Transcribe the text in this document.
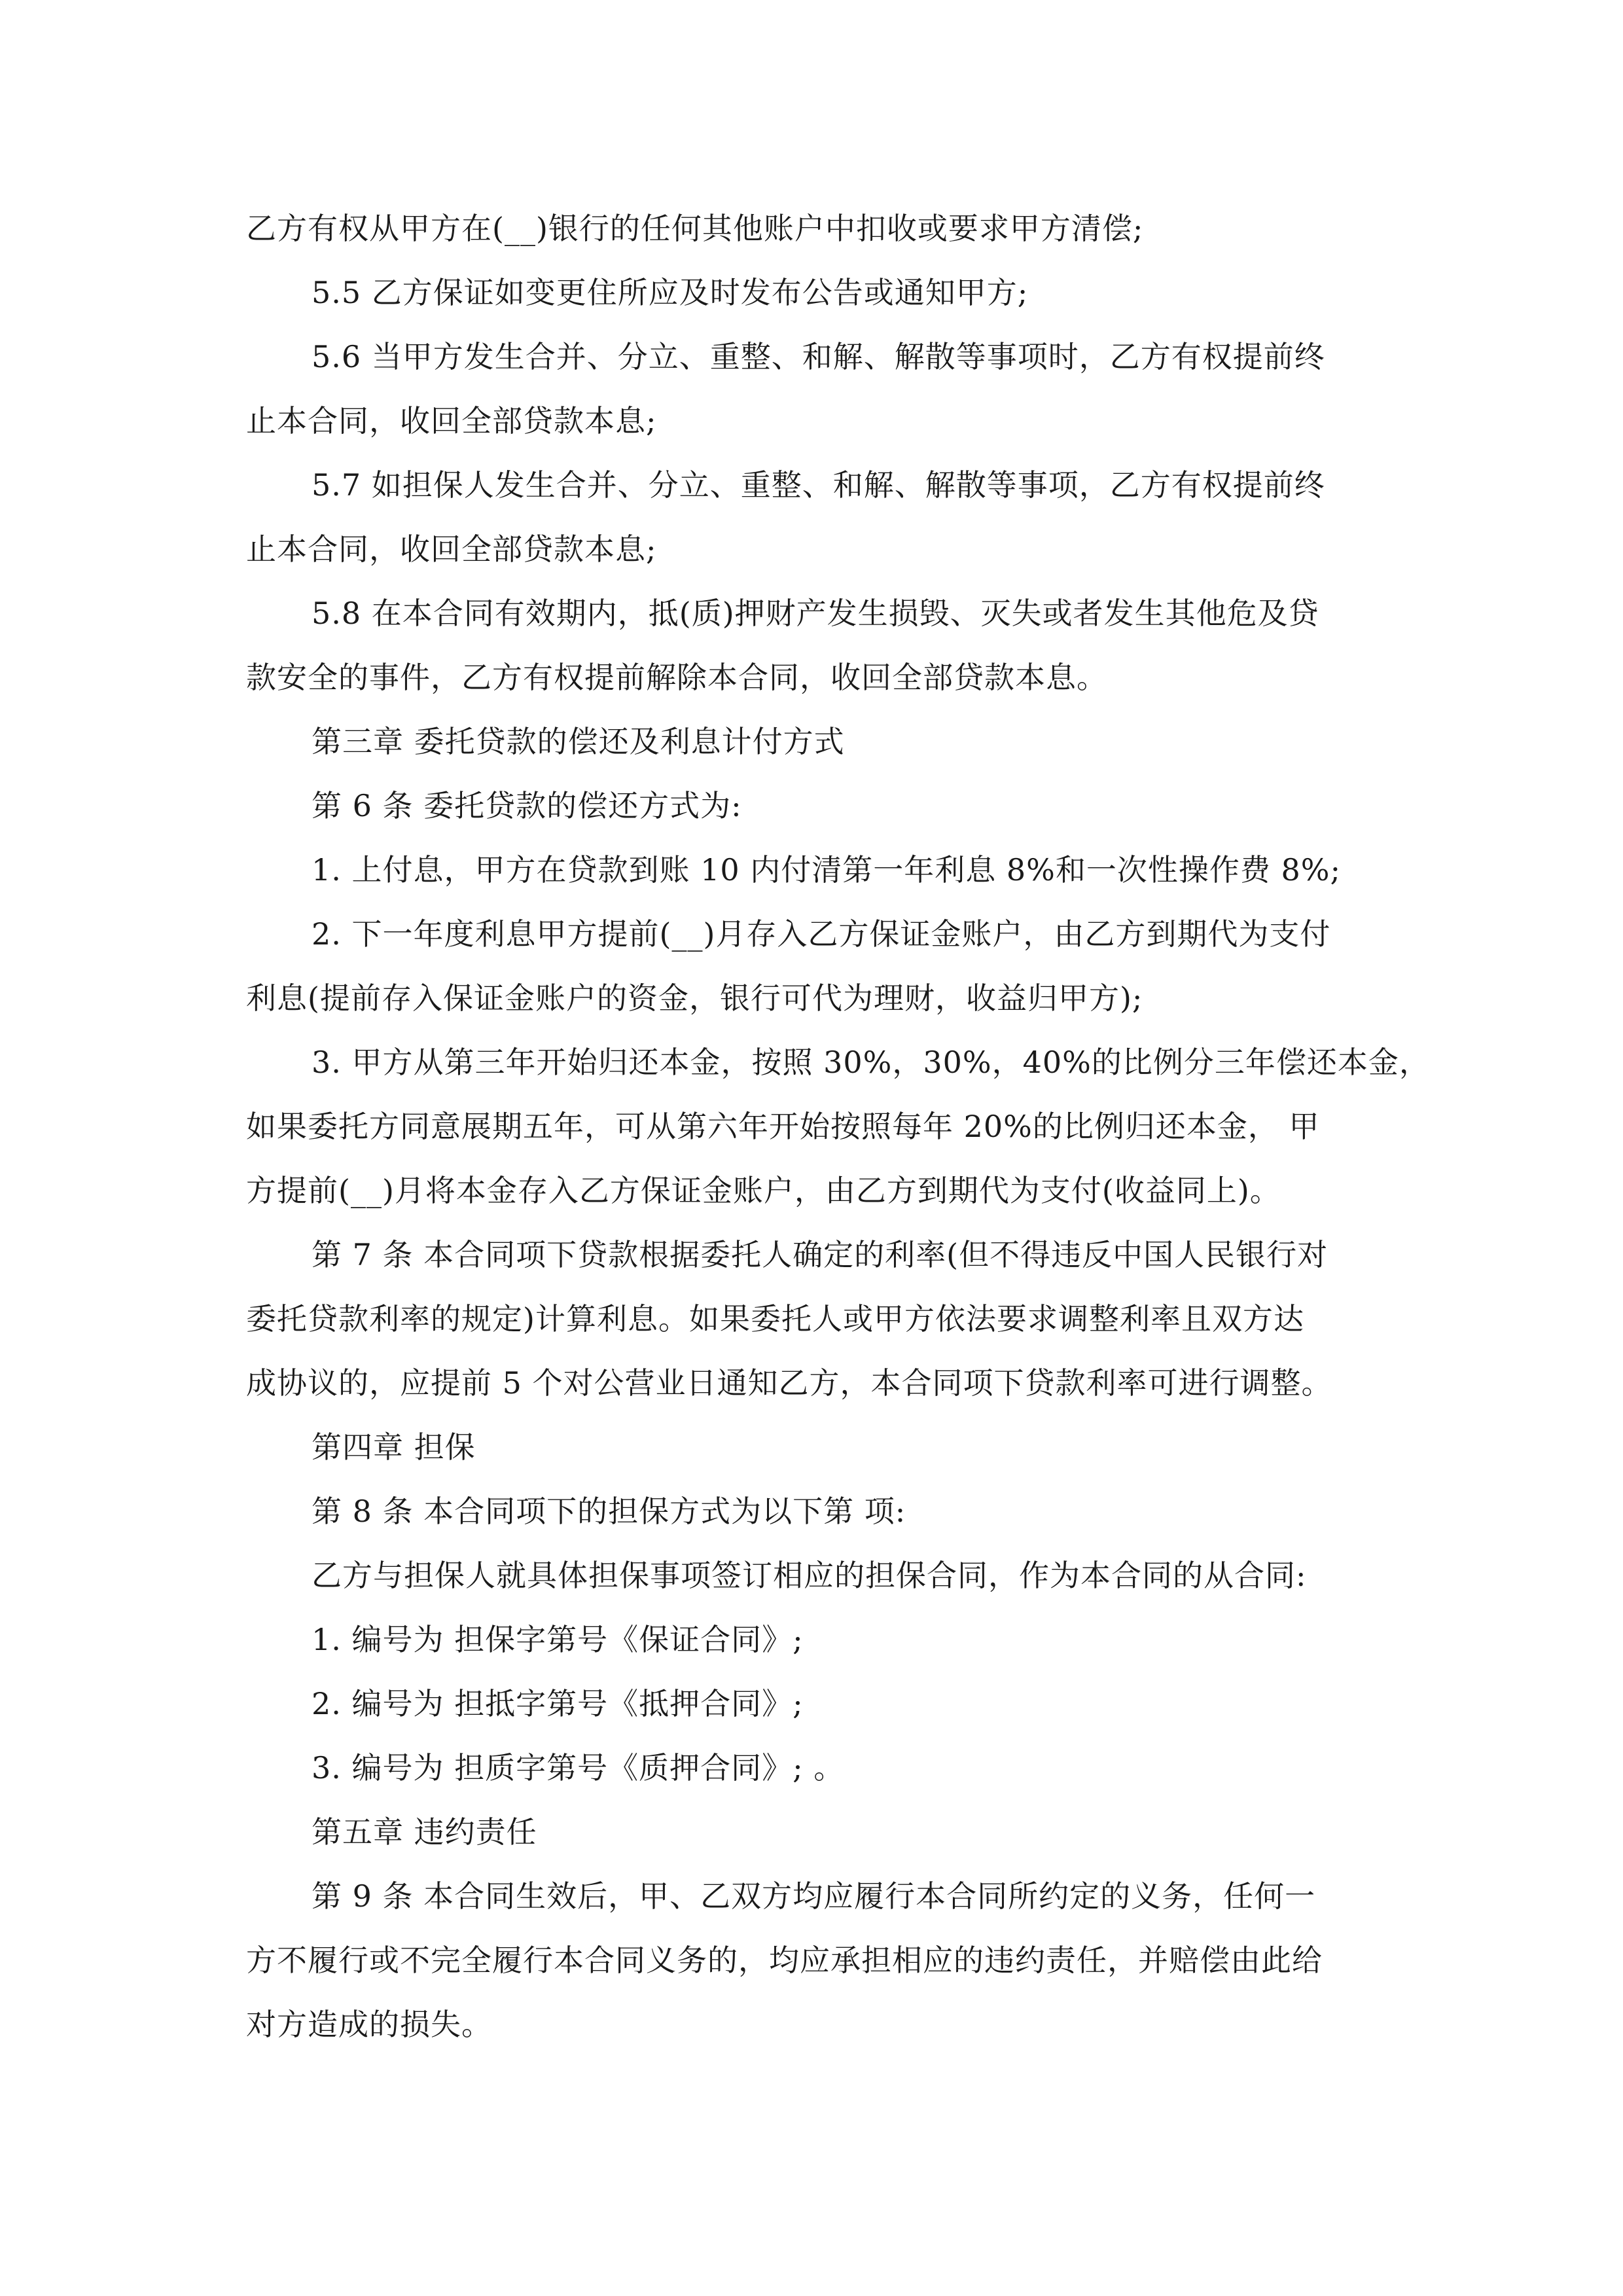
乙方有权从甲方在(__)银行的任何其他账户中扣收或要求甲方清偿;

5.5 乙方保证如变更住所应及时发布公告或通知甲方;

5.6 当甲方发生合并、分立、重整、和解、解散等事项时，乙方有权提前终

止本合同，收回全部贷款本息;

5.7 如担保人发生合并、分立、重整、和解、解散等事项，乙方有权提前终

止本合同，收回全部贷款本息;

5.8 在本合同有效期内，抵(质)押财产发生损毁、灭失或者发生其他危及贷

款安全的事件，乙方有权提前解除本合同，收回全部贷款本息。

第三章 委托贷款的偿还及利息计付方式

第 6 条 委托贷款的偿还方式为:

1. 上付息，甲方在贷款到账 10 内付清第一年利息 8%和一次性操作费 8%;

2. 下一年度利息甲方提前(__)月存入乙方保证金账户，由乙方到期代为支付

利息(提前存入保证金账户的资金，银行可代为理财，收益归甲方);

3. 甲方从第三年开始归还本金，按照 30%，30%，40%的比例分三年偿还本金，

如果委托方同意展期五年，可从第六年开始按照每年 20%的比例归还本金， 甲

方提前(__)月将本金存入乙方保证金账户，由乙方到期代为支付(收益同上)。

第 7 条 本合同项下贷款根据委托人确定的利率(但不得违反中国人民银行对

委托贷款利率的规定)计算利息。如果委托人或甲方依法要求调整利率且双方达

成协议的，应提前 5 个对公营业日通知乙方，本合同项下贷款利率可进行调整。

第四章 担保

第 8 条 本合同项下的担保方式为以下第 项:

乙方与担保人就具体担保事项签订相应的担保合同，作为本合同的从合同:

1. 编号为 担保字第号《保证合同》;

2. 编号为 担抵字第号《抵押合同》;

3. 编号为 担质字第号《质押合同》; 。

第五章 违约责任

第 9 条 本合同生效后，甲、乙双方均应履行本合同所约定的义务，任何一

方不履行或不完全履行本合同义务的，均应承担相应的违约责任，并赔偿由此给

对方造成的损失。
